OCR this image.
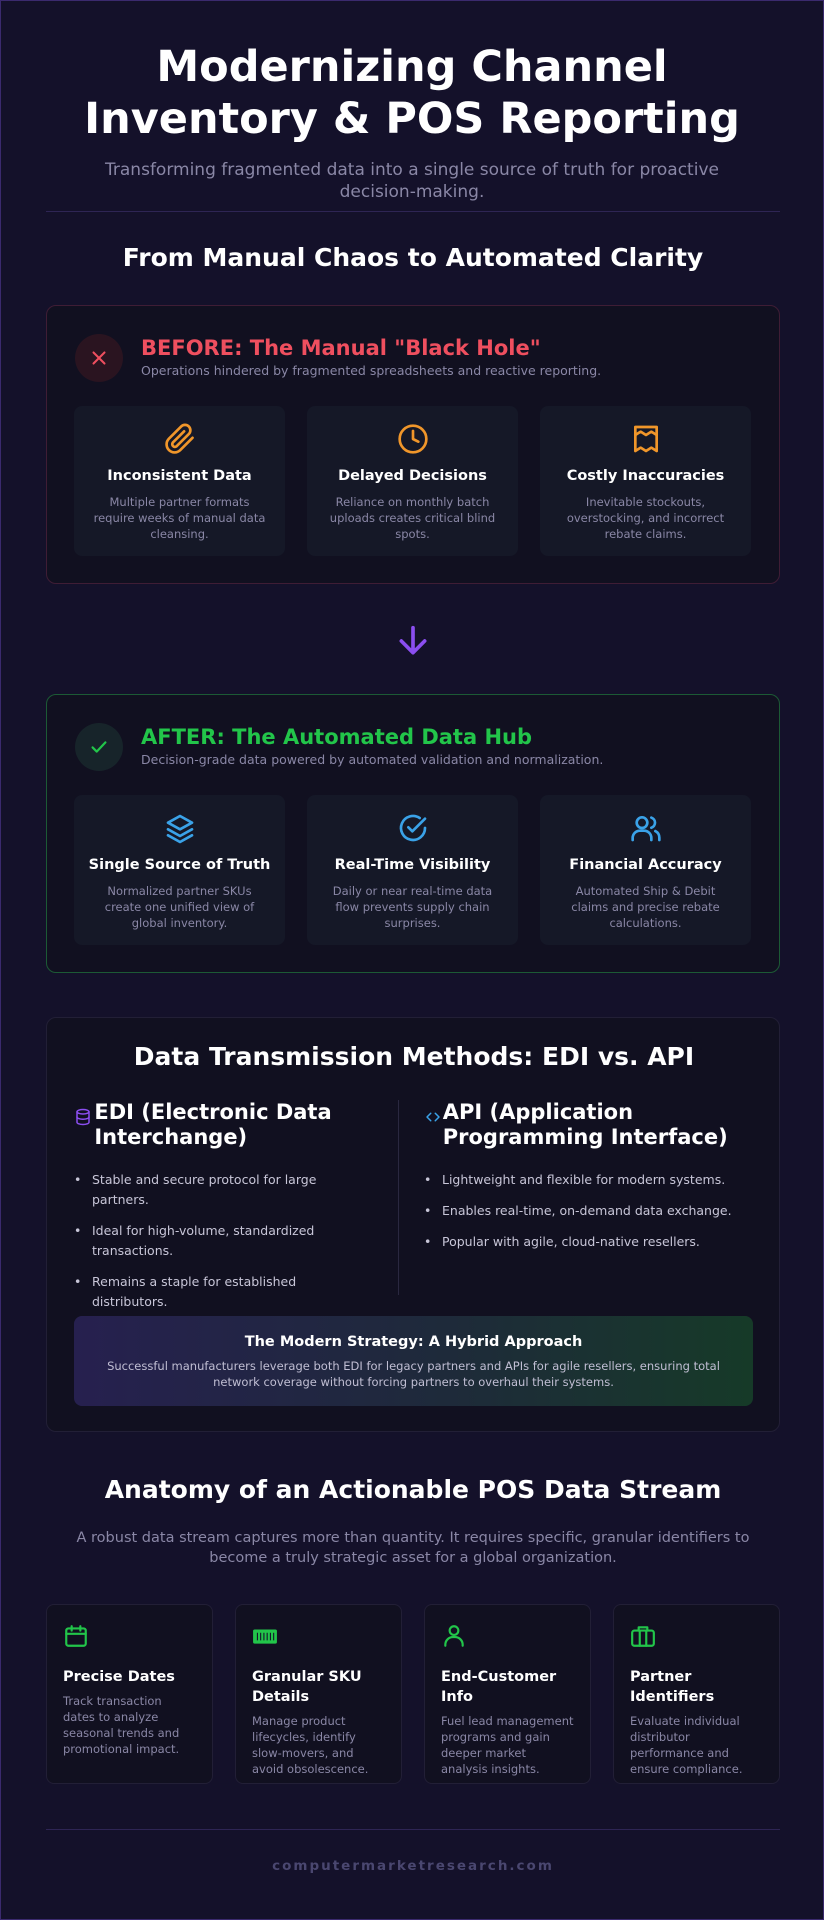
Modernizing Channel Inventory & POS Reporting

Transforming fragmented data into a single source of truth for proactive decision-making.

From Manual Chaos to Automated Clarity
BEFORE: The Manual "Black Hole"
Operations hindered by fragmented spreadsheets and reactive reporting.
Inconsistent Data
Multiple partner formats require weeks of manual data cleansing.
Delayed Decisions
Reliance on monthly batch uploads creates critical blind spots.
Costly Inaccuracies
Inevitable stockouts, overstocking, and incorrect rebate claims.
AFTER: The Automated Data Hub
Decision-grade data powered by automated validation and normalization.
Single Source of Truth
Normalized partner SKUs create one unified view of global inventory.
Real-Time Visibility
Daily or near real-time data flow prevents supply chain surprises.
Financial Accuracy
Automated Ship & Debit claims and precise rebate calculations.
Data Transmission Methods: EDI vs. API
EDI (Electronic Data Interchange)
• Stable and secure protocol for large partners.
• Ideal for high-volume, standardized transactions.
• Remains a staple for established distributors.
API (Application Programming Interface)
• Lightweight and flexible for modern systems.
• Enables real-time, on-demand data exchange.
• Popular with agile, cloud-native resellers.
The Modern Strategy: A Hybrid Approach
Successful manufacturers leverage both EDI for legacy partners and APIs for agile resellers, ensuring total network coverage without forcing partners to overhaul their systems.
Anatomy of an Actionable POS Data Stream

A robust data stream captures more than quantity. It requires specific, granular identifiers to become a truly strategic asset for a global organization.

Precise Dates
Track transaction dates to analyze seasonal trends and promotional impact.
Granular SKU Details
Manage product lifecycles, identify slow-movers, and avoid obsolescence.
End-Customer Info
Fuel lead management programs and gain deeper market analysis insights.
Partner Identifiers
Evaluate individual distributor performance and ensure compliance.
computermarketresearch.com
